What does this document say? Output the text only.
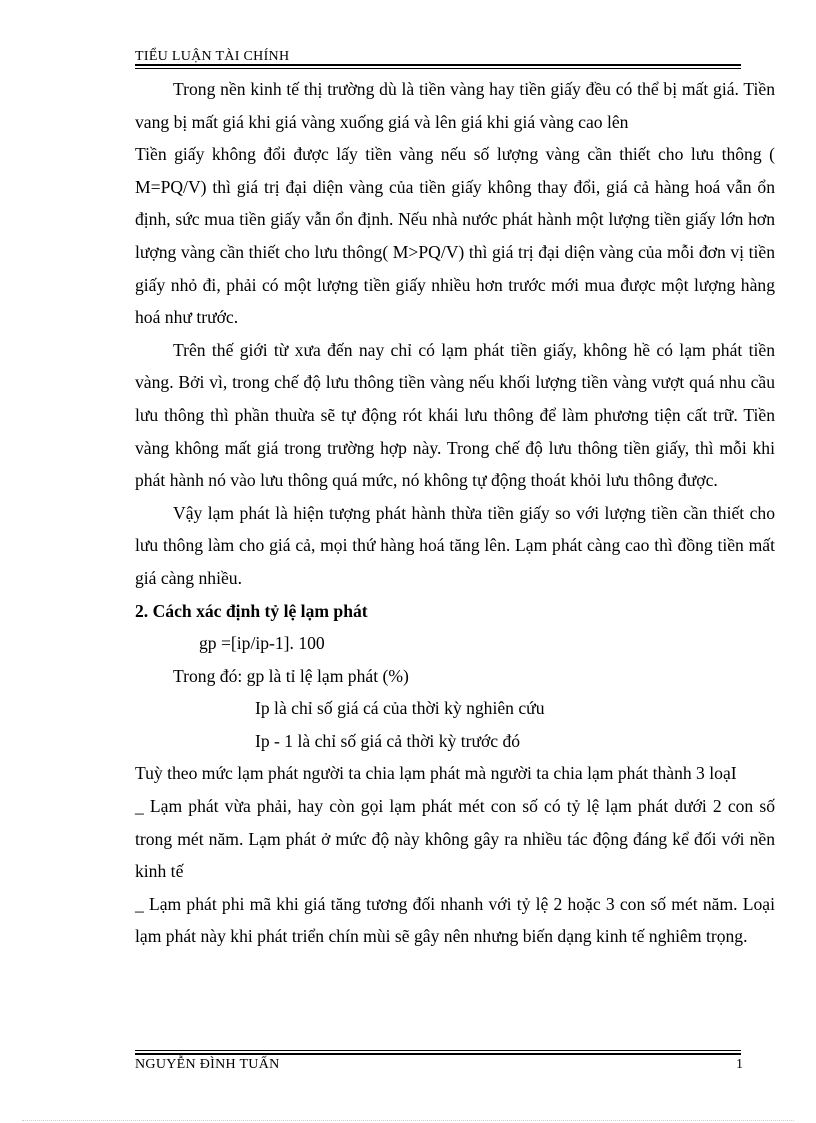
TIỂU LUẬN TÀI CHÍNH

Trong nền kinh tế thị trường dù là tiền vàng hay tiền giấy đều có thể bị mất giá. Tiền vang bị mất giá khi giá vàng xuống giá và lên giá khi giá vàng cao lên

Tiền giấy không đổi được lấy tiền vàng nếu số lượng vàng cần thiết cho lưu thông ( M=PQ/V) thì giá trị đại diện vàng của tiền giấy không thay đổi, giá cả hàng hoá vẫn ổn định, sức mua tiền giấy vẫn ổn định. Nếu nhà nước phát hành một lượng tiền giấy lớn hơn lượng vàng cần thiết cho lưu thông( M>PQ/V) thì giá trị đại diện vàng của mỗi đơn vị tiền giấy nhỏ đi, phải có một lượng tiền giấy nhiều hơn trước mới mua được một lượng hàng hoá như trước.

Trên thế giới từ xưa đến nay chỉ có lạm phát tiền giấy, không hề có lạm phát tiền vàng. Bởi vì, trong chế độ lưu thông tiền vàng nếu khối lượng tiền vàng vượt quá nhu cầu lưu thông thì phần thuừa sẽ tự động rót khái lưu thông để làm phương tiện cất trữ. Tiền vàng không mất giá trong trường hợp này. Trong chế độ lưu thông tiền giấy, thì mỗi khi phát hành nó vào lưu thông quá mức, nó không tự động thoát khỏi lưu thông được.

Vậy lạm phát là hiện tượng phát hành thừa tiền giấy so với lượng tiền cần thiết cho lưu thông làm cho giá cả, mọi thứ hàng hoá tăng lên. Lạm phát càng cao thì đồng tiền mất giá càng nhiều.

2. Cách xác định tỷ lệ lạm phát

gp =[ip/ip-1]. 100

Trong đó: gp là tỉ lệ lạm phát (%)

Ip là chỉ số giá cá của thời kỳ nghiên cứu

Ip - 1 là chỉ số giá cả thời kỳ trước đó

Tuỳ theo mức lạm phát người ta chia lạm phát mà người ta chia lạm phát thành 3 loạI

_ Lạm phát vừa phải, hay còn gọi lạm phát mét con số có tỷ lệ lạm phát dưới 2 con số trong mét năm. Lạm phát ở mức độ này không gây ra nhiều tác động đáng kể đối với nền kinh tế

_ Lạm phát phi mã khi giá tăng tương đối nhanh với tỷ lệ 2 hoặc 3 con số mét năm. Loại lạm phát này khi phát triển chín mùi sẽ gây nên nhưng biến dạng kinh tế nghiêm trọng.

NGUYỄN ĐÌNH TUẤN	1
